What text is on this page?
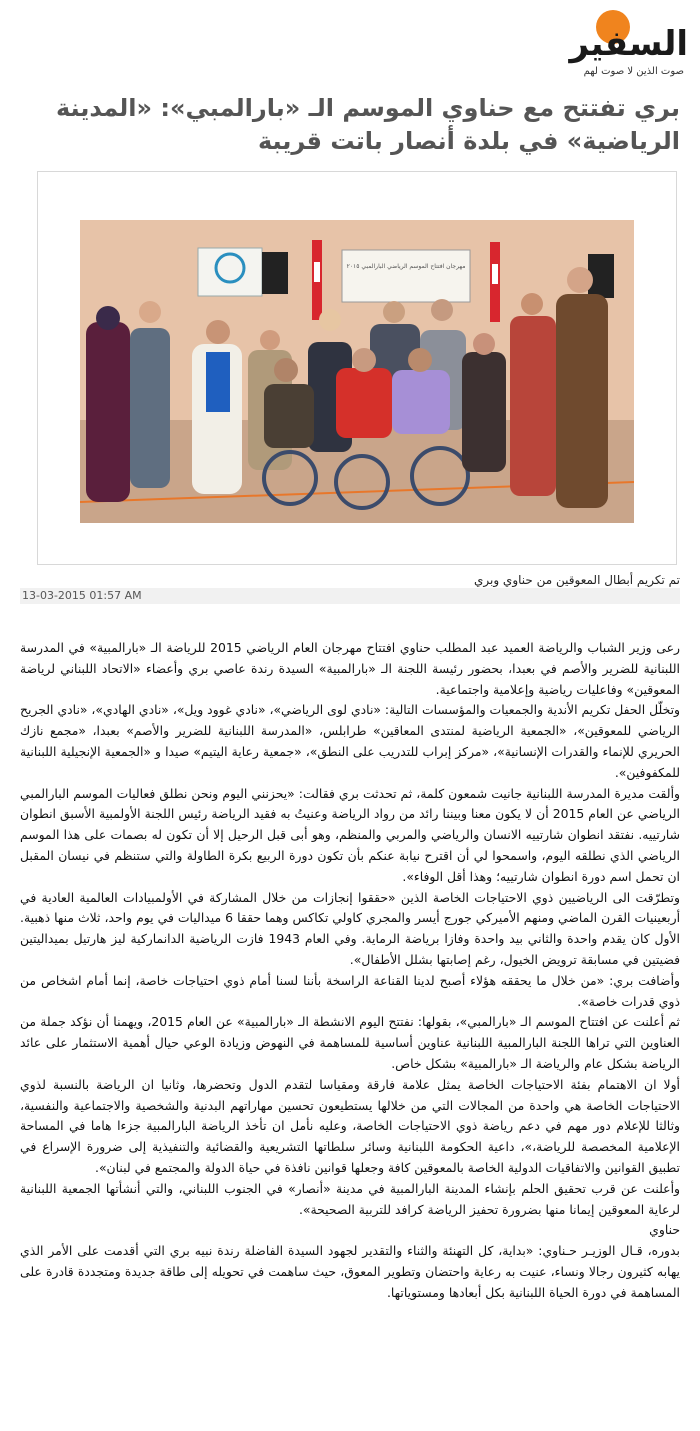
السفير
صوت الذين لا صوت لهم
بري تفتتح مع حناوي الموسم الـ «بارالمبي»: «المدينة الرياضية» في بلدة أنصار باتت قريبة
مهرجان افتتاح الموسم الرياضي البارالمبي ٢٠١٥

تم تكريم أبطال المعوقين من حناوي وبري

13-03-2015 01:57 AM

رعى وزير الشباب والرياضة العميد عبد المطلب حناوي افتتاح مهرجان العام الرياضي 2015 للرياضة الـ «بارالمبية» في المدرسة اللبنانية للضرير والأصم في بعبدا، بحضور رئيسة اللجنة الـ «بارالمبية» السيدة رندة عاصي بري وأعضاء «الاتحاد اللبناني لرياضة المعوقين» وفاعليات رياضية وإعلامية واجتماعية.

وتخلّل الحفل تكريم الأندية والجمعيات والمؤسسات التالية: «نادي لوى الرياضي»، «نادي غوود ويل»، «نادي الهادي»، «نادي الجريح الرياضي للمعوقين»، «الجمعية الرياضية لمنتدى المعاقين» طرابلس، «المدرسة اللبنانية للضرير والأصم» بعبدا، «مجمع نازك الحريري للإنماء والقدرات الإنسانية»، «مركز إبراب للتدريب على النطق»، «جمعية رعاية اليتيم» صيدا و «الجمعية الإنجيلية اللبنانية للمكفوفين».

وألقت مديرة المدرسة اللبنانية جانيت شمعون كلمة، ثم تحدثت بري فقالت: «يحزنني اليوم ونحن نطلق فعاليات الموسم البارالمبي الرياضي عن العام 2015 أن لا يكون معنا وبيننا رائد من رواد الرياضة وعنيتُ به فقيد الرياضة رئيس اللجنة الأولمبية الأسبق انطوان شارتييه. نفتقد انطوان شارتييه الانسان والرياضي والمربي والمنظم، وهو أبى قبل الرحيل إلا أن تكون له بصمات على هذا الموسم الرياضي الذي نطلقه اليوم، واسمحوا لي أن اقترح نيابة عنكم بأن تكون دورة الربيع بكرة الطاولة والتي ستنظم في نيسان المقبل ان تحمل اسم دورة انطوان شارتييه؛ وهذا أقل الوفاء».

وتطرّقت الى الرياضيين ذوي الاحتياجات الخاصة الذين «حققوا إنجازات من خلال المشاركة في الأولمبيادات العالمية العادية في أربعينيات القرن الماضي ومنهم الأميركي جورج أيسر والمجري كاولي تكاكس وهما حققا 6 ميداليات في يوم واحد، ثلاث منها ذهبية. الأول كان يقدم واحدة والثاني بيد واحدة وفازا برياضة الرماية. وفي العام 1943 فازت الرياضية الدانماركية ليز هارتيل بميداليتين فضيتين في مسابقة ترويض الخيول، رغم إصابتها بشلل الأطفال».

وأضافت بري: «من خلال ما يحققه هؤلاء أصبح لدينا القناعة الراسخة بأننا لسنا أمام ذوي احتياجات خاصة، إنما أمام اشخاص من ذوي قدرات خاصة».

ثم أعلنت عن افتتاح الموسم الـ «بارالمبي»، بقولها: نفتتح اليوم الانشطة الـ «بارالمبية» عن العام 2015، ويهمنا أن نؤكد جملة من العناوين التي تراها اللجنة البارالمبية اللبنانية عناوين أساسية للمساهمة في النهوض وزيادة الوعي حيال أهمية الاستثمار على عائد الرياضة بشكل عام والرياضة الـ «بارالمبية» بشكل خاص.

أولا ان الاهتمام بفئة الاحتياجات الخاصة يمثل علامة فارقة ومقياسا لتقدم الدول وتحضرها، وثانيا ان الرياضة بالنسبة لذوي الاحتياجات الخاصة هي واحدة من المجالات التي من خلالها يستطيعون تحسين مهاراتهم البدنية والشخصية والاجتماعية والنفسية، وثالثا للإعلام دور مهم في دعم رياضة ذوي الاحتياجات الخاصة، وعليه نأمل ان تأخذ الرياضة البارالمبية جزءا هاما في المساحة الإعلامية المخصصة للرياضة،»، داعية الحكومة اللبنانية وسائر سلطاتها التشريعية والقضائية والتنفيذية إلى ضرورة الإسراع في تطبيق القوانين والاتفاقيات الدولية الخاصة بالمعوقين كافة وجعلها قوانين نافذة في حياة الدولة والمجتمع في لبنان».

وأعلنت عن قرب تحقيق الحلم بإنشاء المدينة البارالمبية في مدينة «أنصار» في الجنوب اللبناني، والتي أنشأتها الجمعية اللبنانية لرعاية المعوقين إيمانا منها بضرورة تحفيز الرياضة كرافد للتربية الصحيحة».

حناوي

بدوره، قـال الوزيـر حـناوي: «بداية، كل التهنئة والثناء والتقدير لجهود السيدة الفاضلة رندة نبيه بري التي أقدمت على الأمر الذي يهابه كثيرون رجالا ونساء، عنيت به رعاية واحتضان وتطوير المعوق، حيث ساهمت في تحويله إلى طاقة جديدة ومتجددة قادرة على المساهمة في دورة الحياة اللبنانية بكل أبعادها ومستوياتها.
